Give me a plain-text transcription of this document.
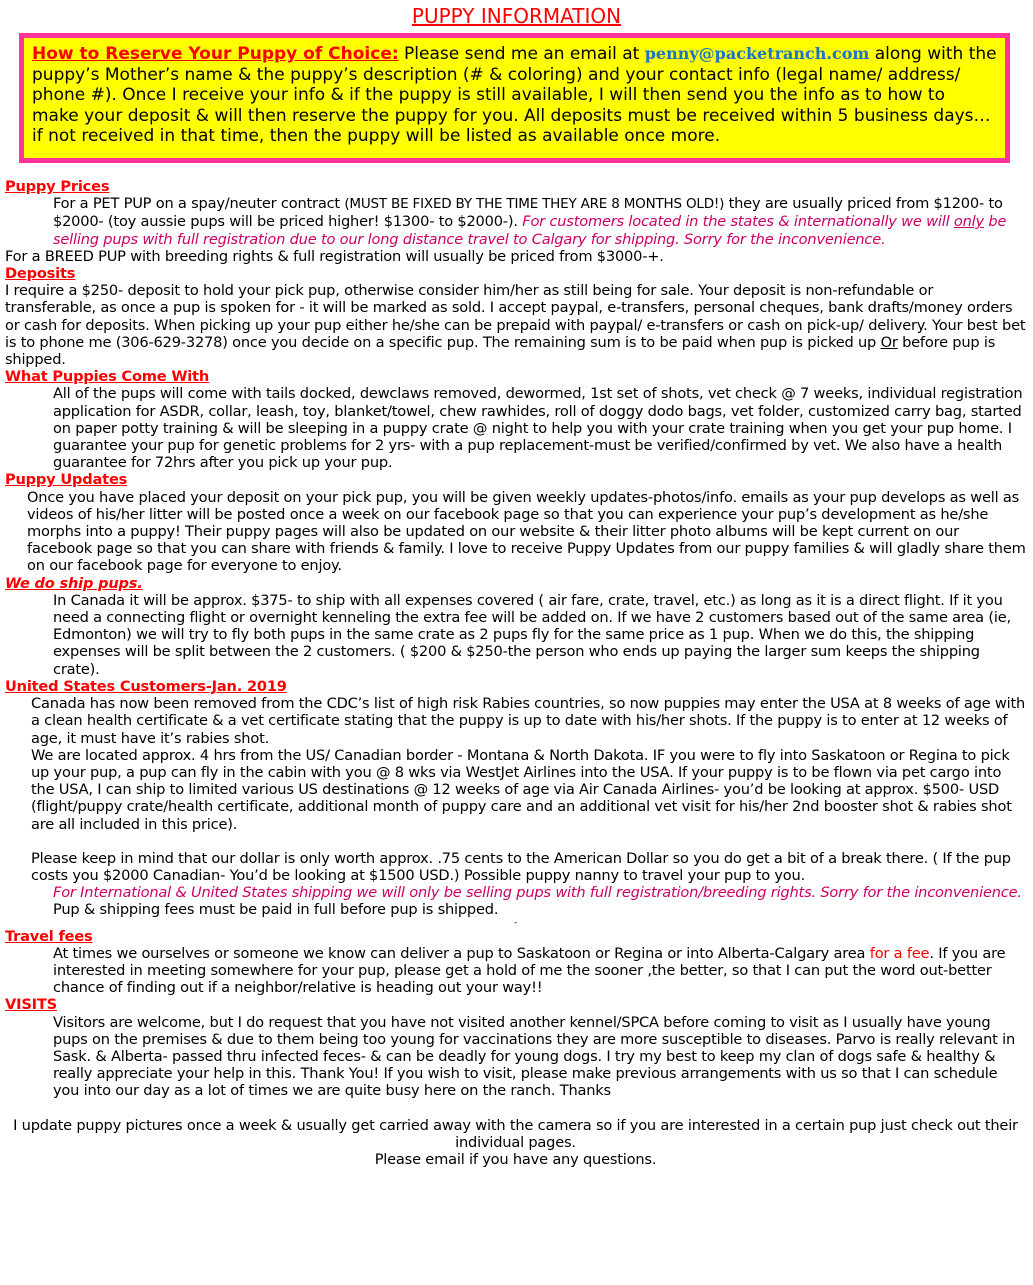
PUPPY INFORMATION
How to Reserve Your Puppy of Choice: Please send me an email at penny@packetranch.com along with the puppy’s Mother’s name & the puppy’s description (# & coloring) and your contact info (legal name/ address/ phone #). Once I receive your info & if the puppy is still available, I will then send you the info as to how to make your deposit & will then reserve the puppy for you. All deposits must be received within 5 business days… if not received in that time, then the puppy will be listed as available once more.
Puppy Prices

For a PET PUP on a spay/neuter contract (MUST BE FIXED BY THE TIME THEY ARE 8 MONTHS OLD!) they are usually priced from $1200- to $2000- (toy aussie pups will be priced higher! $1300- to $2000-). For customers located in the states & internationally we will only be selling pups with full registration due to our long distance travel to Calgary for shipping. Sorry for the inconvenience.

For a BREED PUP with breeding rights & full registration will usually be priced from $3000-+.

Deposits

I require a $250- deposit to hold your pick pup, otherwise consider him/her as still being for sale. Your deposit is non-refundable or transferable, as once a pup is spoken for - it will be marked as sold. I accept paypal, e-transfers, personal cheques, bank drafts/money orders or cash for deposits. When picking up your pup either he/she can be prepaid with paypal/ e-transfers or cash on pick-up/ delivery. Your best bet is to phone me (306-629-3278) once you decide on a specific pup. The remaining sum is to be paid when pup is picked up Or before pup is shipped.

What Puppies Come With

All of the pups will come with tails docked, dewclaws removed, dewormed, 1st set of shots, vet check @ 7 weeks, individual registration application for ASDR, collar, leash, toy, blanket/towel, chew rawhides, roll of doggy dodo bags, vet folder, customized carry bag, started on paper potty training & will be sleeping in a puppy crate @ night to help you with your crate training when you get your pup home. I guarantee your pup for genetic problems for 2 yrs- with a pup replacement-must be verified/confirmed by vet. We also have a health guarantee for 72hrs after you pick up your pup.

Puppy Updates

Once you have placed your deposit on your pick pup, you will be given weekly updates-photos/info. emails as your pup develops as well as videos of his/her litter will be posted once a week on our facebook page so that you can experience your pup’s development as he/she morphs into a puppy! Their puppy pages will also be updated on our website & their litter photo albums will be kept current on our facebook page so that you can share with friends & family. I love to receive Puppy Updates from our puppy families & will gladly share them on our facebook page for everyone to enjoy.

We do ship pups.

In Canada it will be approx. $375- to ship with all expenses covered ( air fare, crate, travel, etc.) as long as it is a direct flight. If it you need a connecting flight or overnight kenneling the extra fee will be added on. If we have 2 customers based out of the same area (ie, Edmonton) we will try to fly both pups in the same crate as 2 pups fly for the same price as 1 pup. When we do this, the shipping expenses will be split between the 2 customers. ( $200 & $250-the person who ends up paying the larger sum keeps the shipping crate).

United States Customers-Jan. 2019

Canada has now been removed from the CDC’s list of high risk Rabies countries, so now puppies may enter the USA at 8 weeks of age with a clean health certificate & a vet certificate stating that the puppy is up to date with his/her shots. If the puppy is to enter at 12 weeks of age, it must have it’s rabies shot.

We are located approx. 4 hrs from the US/ Canadian border - Montana & North Dakota. IF you were to fly into Saskatoon or Regina to pick up your pup, a pup can fly in the cabin with you @ 8 wks via WestJet Airlines into the USA. If your puppy is to be flown via pet cargo into the USA, I can ship to limited various US destinations @ 12 weeks of age via Air Canada Airlines- you’d be looking at approx. $500- USD (flight/puppy crate/health certificate, additional month of puppy care and an additional vet visit for his/her 2nd booster shot & rabies shot are all included in this price).

Please keep in mind that our dollar is only worth approx. .75 cents to the American Dollar so you do get a bit of a break there. ( If the pup costs you $2000 Canadian- You’d be looking at $1500 USD.) Possible puppy nanny to travel your pup to you.

For International & United States shipping we will only be selling pups with full registration/breeding rights. Sorry for the inconvenience. Pup & shipping fees must be paid in full before pup is shipped.

-
Travel fees

At times we ourselves or someone we know can deliver a pup to Saskatoon or Regina or into Alberta-Calgary area for a fee. If you are interested in meeting somewhere for your pup, please get a hold of me the sooner ,the better, so that I can put the word out-better chance of finding out if a neighbor/relative is heading out your way!!

VISITS

Visitors are welcome, but I do request that you have not visited another kennel/SPCA before coming to visit as I usually have young pups on the premises & due to them being too young for vaccinations they are more susceptible to diseases. Parvo is really relevant in Sask. & Alberta- passed thru infected feces- & can be deadly for young dogs. I try my best to keep my clan of dogs safe & healthy & really appreciate your help in this. Thank You! If you wish to visit, please make previous arrangements with us so that I can schedule you into our day as a lot of times we are quite busy here on the ranch. Thanks

I update puppy pictures once a week & usually get carried away with the camera so if you are interested in a certain pup just check out their individual pages.

Please email if you have any questions.
